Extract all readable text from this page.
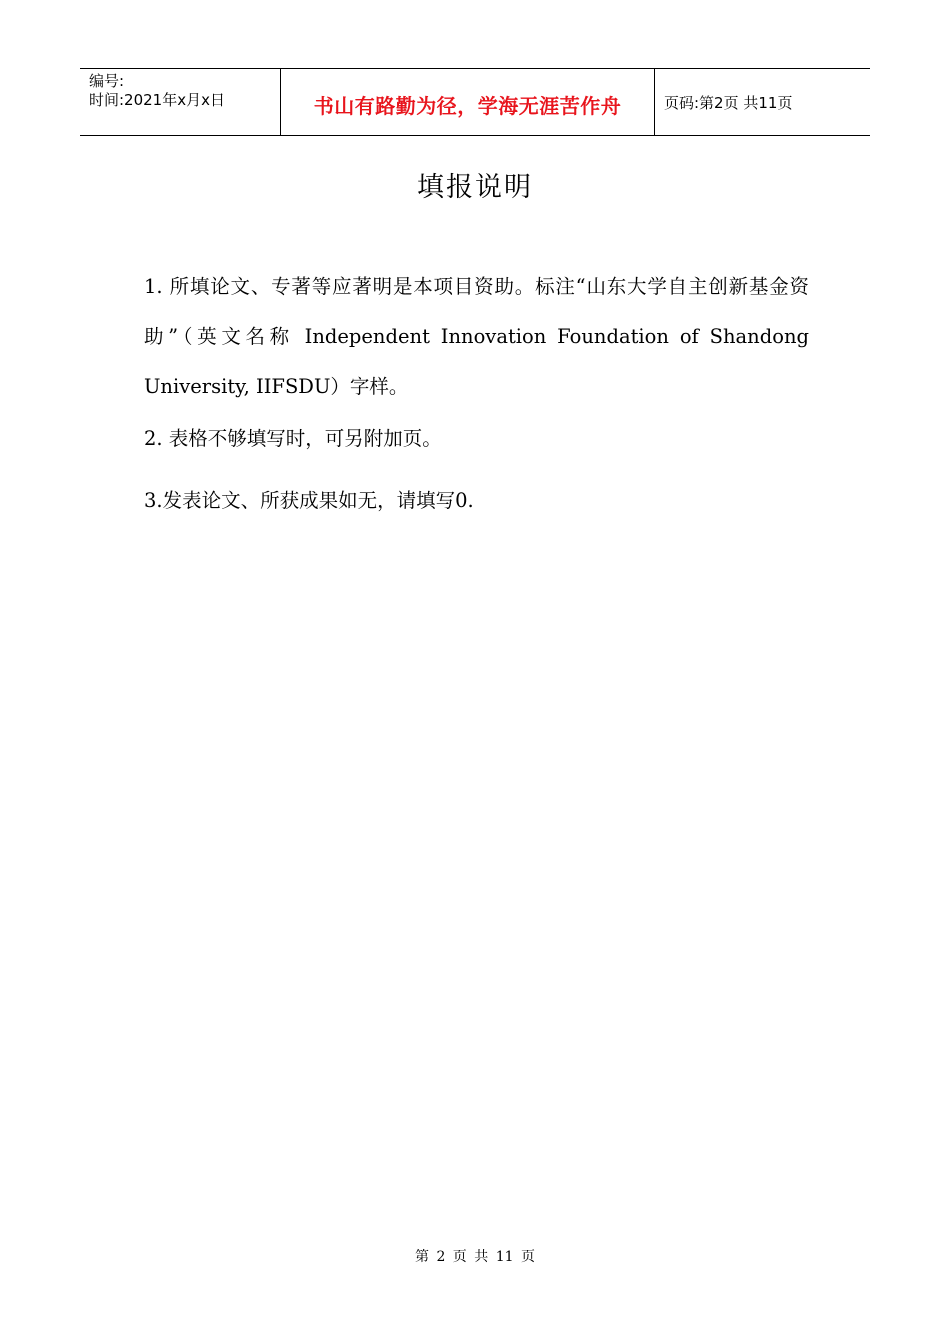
编号:
时间:2021年x月x日	书山有路勤为径，学海无涯苦作舟	页码:第2页 共11页
填报说明

1. 所填论文、专著等应著明是本项目资助。标注“山东大学自主创新基金资助”（英文名称 Independent Innovation Foundation of Shandong University, IIFSDU）字样。

2. 表格不够填写时，可另附加页。

3.发表论文、所获成果如无，请填写0.

第 2 页 共 11 页
